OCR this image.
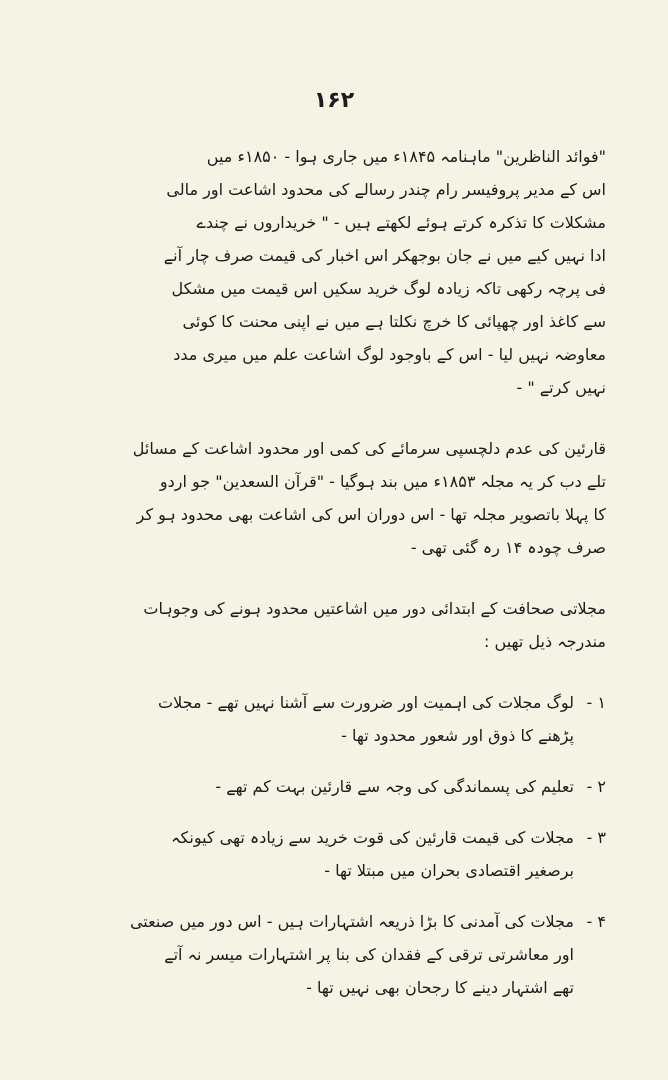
۱۶۲
"فوائد الناظرین" ماہنامہ ۱۸۴۵ء میں جاری ہوا - ۱۸۵۰ء میں
اس کے مدیر پروفیسر رام چندر رسالے کی محدود اشاعت اور مالی
مشکلات کا تذکرہ کرتے ہوئے لکھتے ہیں - " خریداروں نے چندے
ادا نہیں کیے میں نے جان بوجھکر اس اخبار کی قیمت صرف چار آنے
فی پرچہ رکھی تاکہ زیادہ لوگ خرید سکیں اس قیمت میں مشکل
سے کاغذ اور چھپائی کا خرچ نکلتا ہے میں نے اپنی محنت کا کوئی
معاوضہ نہیں لیا - اس کے باوجود لوگ اشاعت علم میں میری مدد
نہیں کرتے " -
قارئین کی عدم دلچسپی سرمائے کی کمی اور محدود اشاعت کے مسائل
تلے دب کر یہ مجلہ ۱۸۵۳ء میں بند ہوگیا - "قرآن السعدین" جو اردو
کا پہلا باتصویر مجلہ تھا - اس دوران اس کی اشاعت بھی محدود ہو کر
صرف چودہ ۱۴ رہ گئی تھی -
مجلاتی صحافت کے ابتدائی دور میں اشاعتیں محدود ہونے کی وجوہات
مندرجہ ذیل تھیں :
۱ -
لوگ مجلات کی اہمیت اور ضرورت سے آشنا نہیں تھے - مجلات
پڑھنے کا ذوق اور شعور محدود تھا -
۲ -
تعلیم کی پسماندگی کی وجہ سے قارئین بہت کم تھے -
۳ -
مجلات کی قیمت قارئین کی قوت خرید سے زیادہ تھی کیونکہ
برصغیر اقتصادی بحران میں مبتلا تھا -
۴ -
مجلات کی آمدنی کا بڑا ذریعہ اشتہارات ہیں - اس دور میں صنعتی
اور معاشرتی ترقی کے فقدان کی بنا پر اشتہارات میسر نہ آتے
تھے اشتہار دینے کا رجحان بھی نہیں تھا -
